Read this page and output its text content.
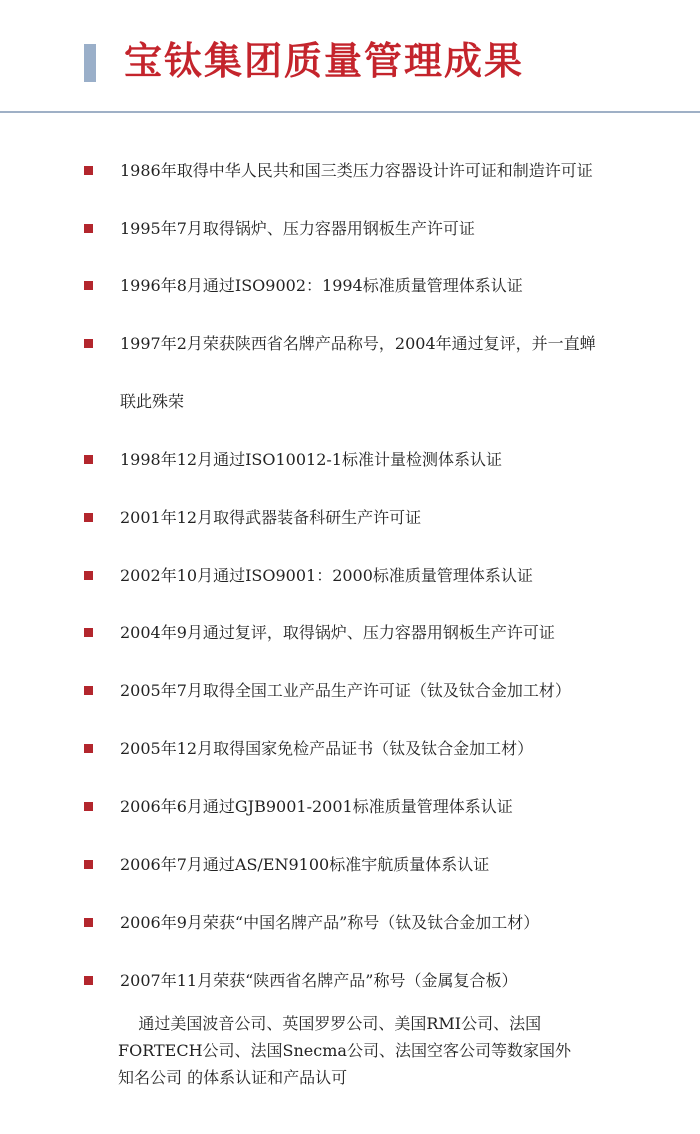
宝钛集团质量管理成果
1986年取得中华人民共和国三类压力容器设计许可证和制造许可证
1995年7月取得锅炉、压力容器用钢板生产许可证
1996年8月通过ISO9002：1994标准质量管理体系认证
1997年2月荣获陕西省名牌产品称号，2004年通过复评，并一直蝉
联此殊荣
1998年12月通过ISO10012-1标准计量检测体系认证
2001年12月取得武器装备科研生产许可证
2002年10月通过ISO9001：2000标准质量管理体系认证
2004年9月通过复评，取得锅炉、压力容器用钢板生产许可证
2005年7月取得全国工业产品生产许可证（钛及钛合金加工材）
2005年12月取得国家免检产品证书（钛及钛合金加工材）
2006年6月通过GJB9001-2001标准质量管理体系认证
2006年7月通过AS/EN9100标准宇航质量体系认证
2006年9月荣获“中国名牌产品”称号（钛及钛合金加工材）
2007年11月荣获“陕西省名牌产品”称号（金属复合板）
通过美国波音公司、英国罗罗公司、美国RMI公司、法国
FORTECH公司、法国Snecma公司、法国空客公司等数家国外
知名公司 的体系认证和产品认可
